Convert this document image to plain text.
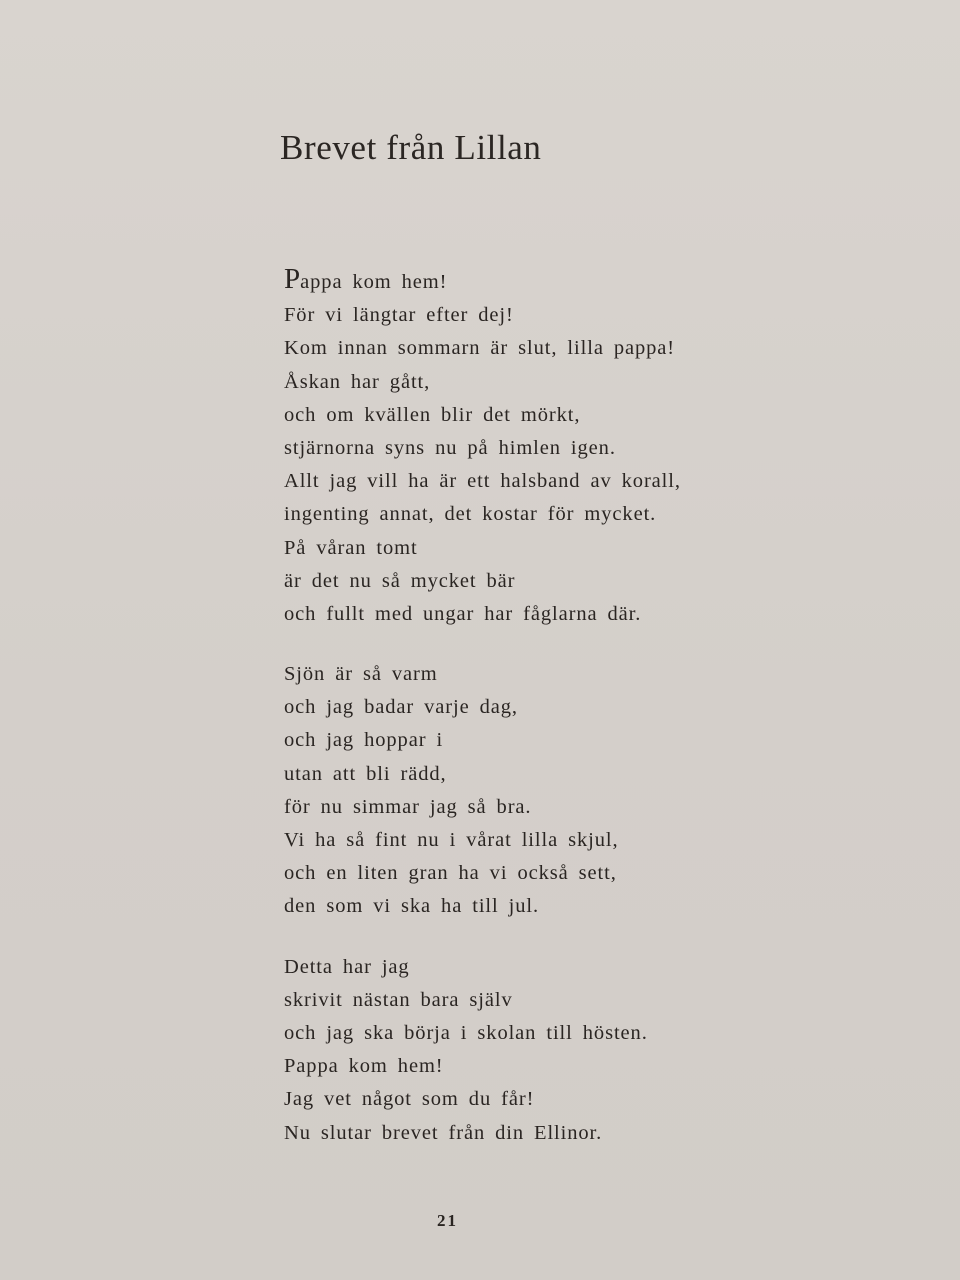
Brevet från Lillan
Pappa kom hem!
För vi längtar efter dej!
Kom innan sommarn är slut, lilla pappa!
Åskan har gått,
och om kvällen blir det mörkt,
stjärnorna syns nu på himlen igen.
Allt jag vill ha är ett halsband av korall,
ingenting annat, det kostar för mycket.
På våran tomt
är det nu så mycket bär
och fullt med ungar har fåglarna där.
Sjön är så varm
och jag badar varje dag,
och jag hoppar i
utan att bli rädd,
för nu simmar jag så bra.
Vi ha så fint nu i vårat lilla skjul,
och en liten gran ha vi också sett,
den som vi ska ha till jul.
Detta har jag
skrivit nästan bara själv
och jag ska börja i skolan till hösten.
Pappa kom hem!
Jag vet något som du får!
Nu slutar brevet från din Ellinor.
21
